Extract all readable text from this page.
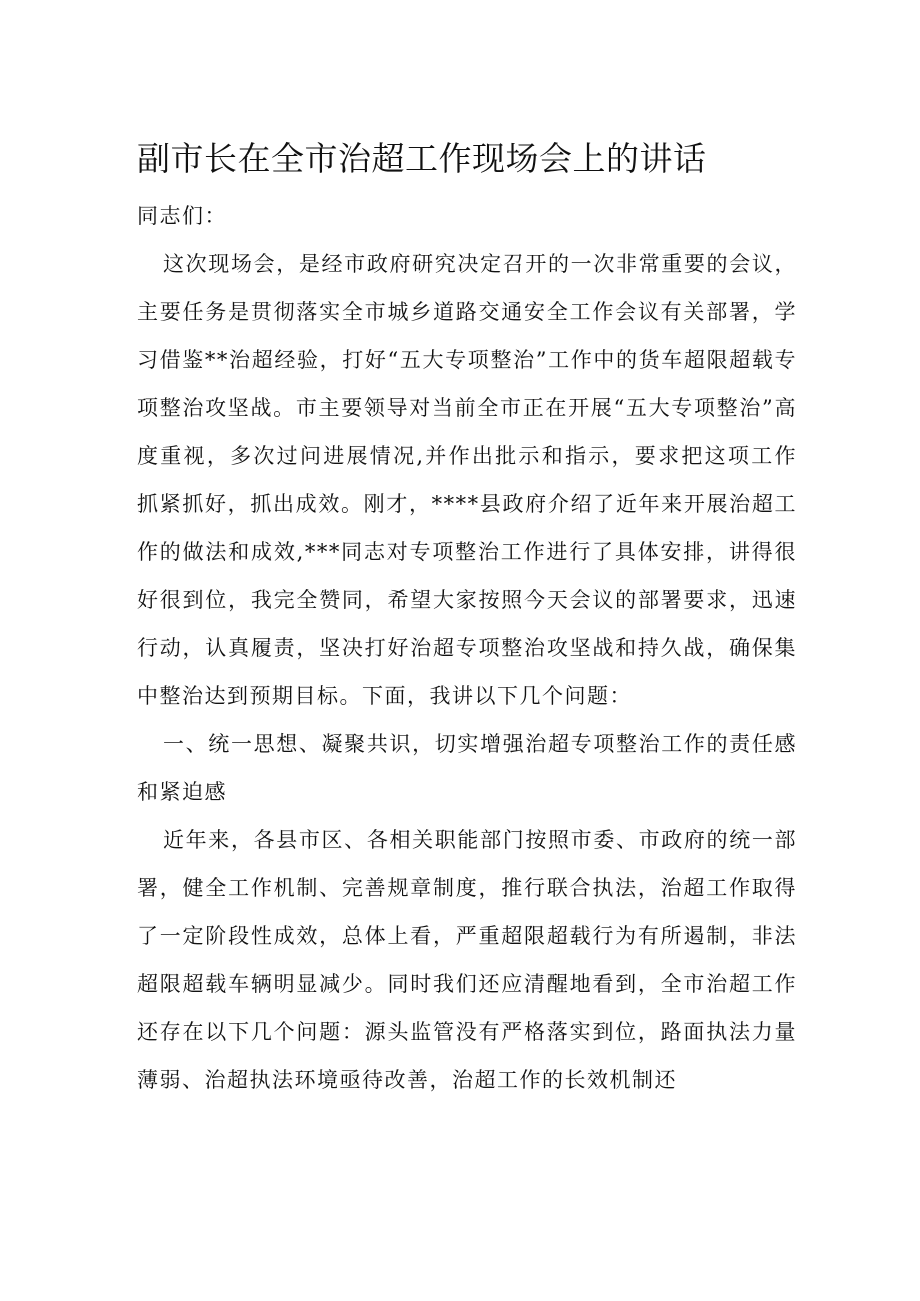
副市长在全市治超工作现场会上的讲话

同志们：

这次现场会，是经市政府研究决定召开的一次非常重要的会议，主要任务是贯彻落实全市城乡道路交通安全工作会议有关部署，学习借鉴**治超经验，打好“五大专项整治”工作中的货车超限超载专项整治攻坚战。市主要领导对当前全市正在开展“五大专项整治”高度重视，多次过问进展情况,并作出批示和指示，要求把这项工作抓紧抓好，抓出成效。刚才，****县政府介绍了近年来开展治超工作的做法和成效,***同志对专项整治工作进行了具体安排，讲得很好很到位，我完全赞同，希望大家按照今天会议的部署要求，迅速行动，认真履责，坚决打好治超专项整治攻坚战和持久战，确保集中整治达到预期目标。下面，我讲以下几个问题：

一、统一思想、凝聚共识，切实增强治超专项整治工作的责任感和紧迫感

近年来，各县市区、各相关职能部门按照市委、市政府的统一部署，健全工作机制、完善规章制度，推行联合执法，治超工作取得了一定阶段性成效，总体上看，严重超限超载行为有所遏制，非法超限超载车辆明显减少。同时我们还应清醒地看到，全市治超工作还存在以下几个问题：源头监管没有严格落实到位，路面执法力量薄弱、治超执法环境亟待改善，治超工作的长效机制还
